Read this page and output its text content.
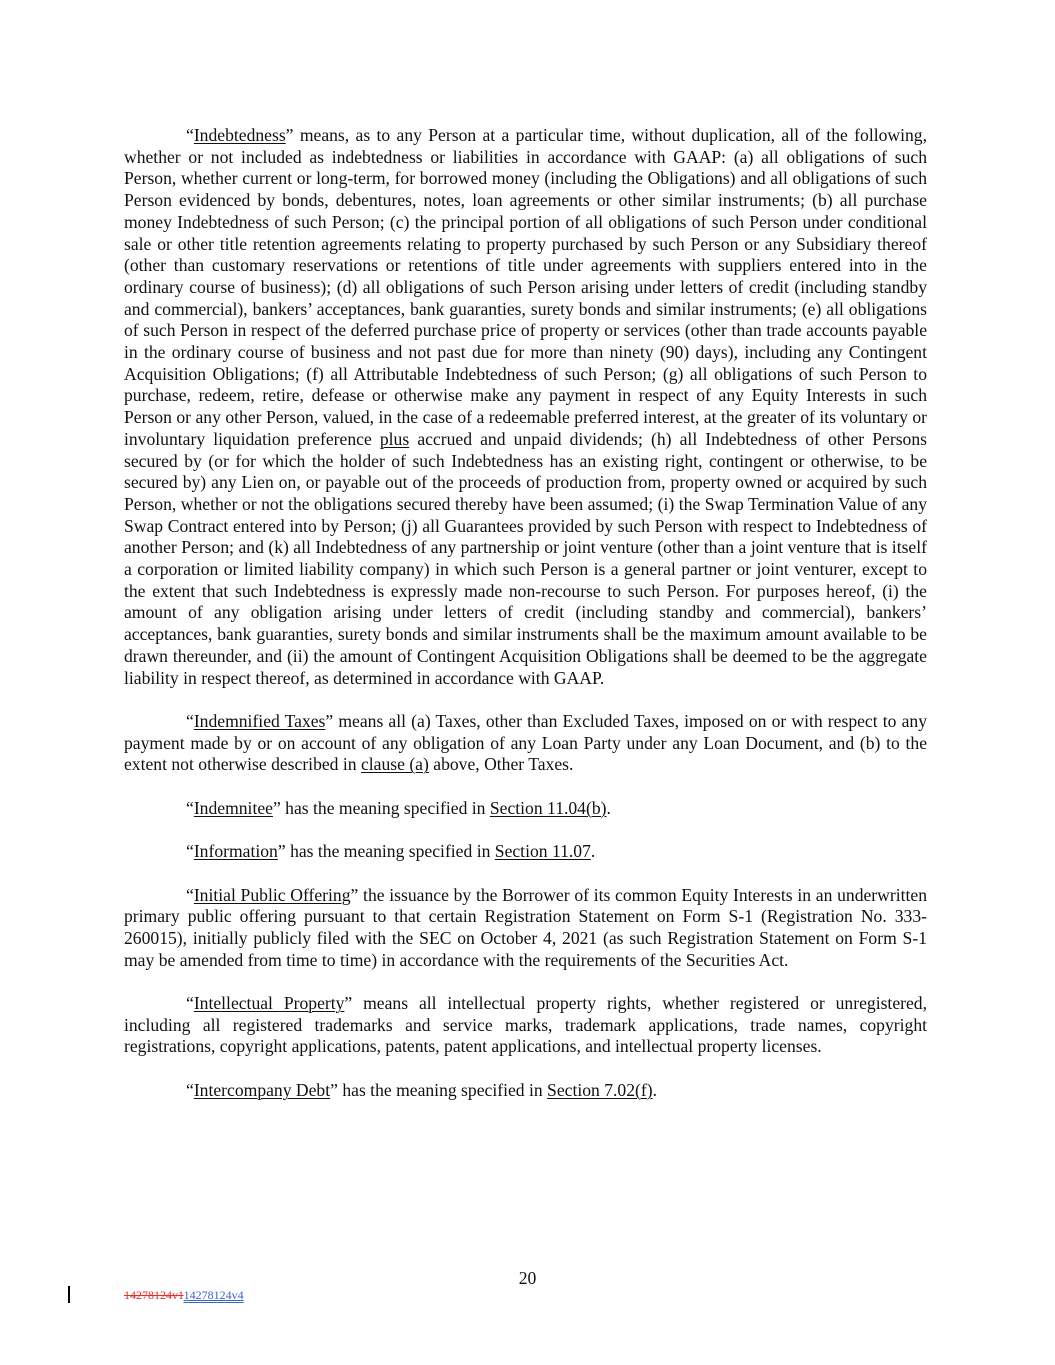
“Indebtedness” means, as to any Person at a particular time, without duplication, all of the following, whether or not included as indebtedness or liabilities in accordance with GAAP: (a) all obligations of such Person, whether current or long-term, for borrowed money (including the Obligations) and all obligations of such Person evidenced by bonds, debentures, notes, loan agreements or other similar instruments; (b) all purchase money Indebtedness of such Person; (c) the principal portion of all obligations of such Person under conditional sale or other title retention agreements relating to property purchased by such Person or any Subsidiary thereof (other than customary reservations or retentions of title under agreements with suppliers entered into in the ordinary course of business); (d) all obligations of such Person arising under letters of credit (including standby and commercial), bankers’ acceptances, bank guaranties, surety bonds and similar instruments; (e) all obligations of such Person in respect of the deferred purchase price of property or services (other than trade accounts payable in the ordinary course of business and not past due for more than ninety (90) days), including any Contingent Acquisition Obligations; (f) all Attributable Indebtedness of such Person; (g) all obligations of such Person to purchase, redeem, retire, defease or otherwise make any payment in respect of any Equity Interests in such Person or any other Person, valued, in the case of a redeemable preferred interest, at the greater of its voluntary or involuntary liquidation preference plus accrued and unpaid dividends; (h) all Indebtedness of other Persons secured by (or for which the holder of such Indebtedness has an existing right, contingent or otherwise, to be secured by) any Lien on, or payable out of the proceeds of production from, property owned or acquired by such Person, whether or not the obligations secured thereby have been assumed; (i) the Swap Termination Value of any Swap Contract entered into by Person; (j) all Guarantees provided by such Person with respect to Indebtedness of another Person; and (k) all Indebtedness of any partnership or joint venture (other than a joint venture that is itself a corporation or limited liability company) in which such Person is a general partner or joint venturer, except to the extent that such Indebtedness is expressly made non-recourse to such Person. For purposes hereof, (i) the amount of any obligation arising under letters of credit (including standby and commercial), bankers’ acceptances, bank guaranties, surety bonds and similar instruments shall be the maximum amount available to be drawn thereunder, and (ii) the amount of Contingent Acquisition Obligations shall be deemed to be the aggregate liability in respect thereof, as determined in accordance with GAAP.

“Indemnified Taxes” means all (a) Taxes, other than Excluded Taxes, imposed on or with respect to any payment made by or on account of any obligation of any Loan Party under any Loan Document, and (b) to the extent not otherwise described in clause (a) above, Other Taxes.

“Indemnitee” has the meaning specified in Section 11.04(b).

“Information” has the meaning specified in Section 11.07.

“Initial Public Offering” the issuance by the Borrower of its common Equity Interests in an underwritten primary public offering pursuant to that certain Registration Statement on Form S-1 (Registration No. 333-260015), initially publicly filed with the SEC on October 4, 2021 (as such Registration Statement on Form S-1 may be amended from time to time) in accordance with the requirements of the Securities Act.

“Intellectual Property” means all intellectual property rights, whether registered or unregistered, including all registered trademarks and service marks, trademark applications, trade names, copyright registrations, copyright applications, patents, patent applications, and intellectual property licenses.

“Intercompany Debt” has the meaning specified in Section 7.02(f).

20
14278124v114278124v4
